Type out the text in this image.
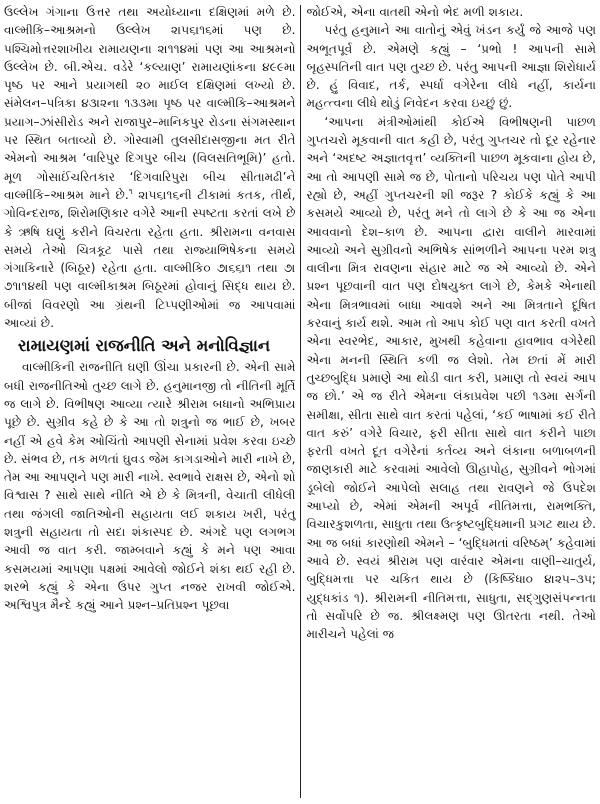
ઉલ્લેખ ગંગાના ઉત્તર તથા અયોધ્યાના દક્ષિણમાં મળે છે. વાલ્મીકિ–આશ્રમનો ઉલ્લેખ ૨।૫૬।૧૬માં પણ છે. પશ્ચિમોત્તરશાખીય રામાયણના ૨।૧૧૪માં પણ આ આશ્રમનો ઉલ્લેખ છે. બી.એચ. વડેરે ‘કલ્યાણ’ રામાયણાંકના ૪૯૯મા પૃષ્ઠ પર આને પ્રયાગથી ૨૦ માઈલ દક્ષિણમાં લખ્યો છે. સંમેલન–પત્રિકા ૪૩।૨ના ૧૩૩મા પૃષ્ઠ પર વાલ્મીકિ–આશ્રમને પ્રયાગ–ઝાંસીરોડ અને રાજાપુર–માનિકપુર રોડના સંગમસ્થાન પર સ્થિત બતાવ્યો છે. ગોસ્વામી તુલસીદાસજીના મત રીતે એમનો આશ્રમ ‘વારિપુર દિગપુર બીચ (વિલસતિભૂમિ)’ હતો. મૂળ ગોસાઈંચરિતકાર ‘દિગવારિપુરા બીચ સીતામઢી’ને વાલ્મીકિ–આશ્રમ માને છે.$^૧$ ૨।૫૬।૧૬ની ટીકામાં કતક, તીર્થ, ગોવિન્દરાજ, શિરોમણિકાર વગેરે આની સ્પષ્ટતા કરતાં લખે છે કે ઋષિ ઘણું કરીને વિચરતા રહેતા હતા. શ્રીરામના વનવાસ સમયે તેઓ ચિત્રકૂટ પાસે તથા રાજ્યાભિષેકના સમયે ગંગાકિનારે (બિઠૂર) રહેતા હતા. વાલ્મીકિ૦ ૭।૬૬।૧ તથા ૭।૭૧।૧૪થી પણ વાલ્મીકાશ્રમ બિઠૂરમાં હોવાનું સિદ્ધ થાય છે. બીજાં વિવરણો આ ગ્રંથની ટિપ્પણીઓમાં જ આપવામાં આવ્યાં છે.

રામાયણમાં રાજનીતિ અને મનોવિજ્ઞાન

વાલ્મીકિની રાજનીતિ ઘણી ઊંચા પ્રકારની છે. એની સામે બધી રાજનીતિઓ તુચ્છ લાગે છે. હનુમાનજી તો નીતિની મૂર્તિ જ લાગે છે. વિભીષણ આવ્યા ત્યારે શ્રીરામ બધાનો અભિપ્રાય પૂછે છે. સુગ્રીવ કહે છે કે આ તો શત્રુનો જ ભાઈ છે, ખબર નહીં એ હવે કેમ ઓચિંતો આપણી સેનામાં પ્રવેશ કરવા ઇચ્છે છે. સંભવ છે, તક મળતાં ઘુવડ જેમ કાગડાઓને મારી નાખે છે, તેમ આ આપણને પણ મારી નાખે. સ્વભાવે રાક્ષસ છે, એનો શો વિશ્વાસ ? સાથે સાથે નીતિ એ છે કે મિત્રની, વેચાતી લીધેલી તથા જંગલી જાતિઓની સહાયતા લઈ શકાય ખરી, પરંતુ શત્રુની સહાયતા તો સદા શંકાસ્પદ છે. અંગદે પણ લગભગ આવી જ વાત કરી. જામ્બવાને કહ્યું કે મને પણ આવા કસમયમાં આપણા પક્ષમાં આવેલો જોઈને શંકા થઈ રહી છે. શરભે કહ્યું કે એના ઉપર ગુપ્ત નજર રાખવી જોઈએ. અશ્વિપુત્ર મૈન્દે કહ્યું આને પ્રશ્ન–પ્રતિપ્રશ્ન પૂછવા

જોઈએ, એના વાતથી એનો ભેદ મળી શકાય.

પરંતુ હનુમાને આ વાતોનું એવું ખંડન કર્યું જે આજે પણ અભૂતપૂર્વ છે. એમણે કહ્યું – ‘પ્રભો ! આપની સામે બૃહસ્પતિની વાત પણ તુચ્છ છે. પરંતુ આપની આજ્ઞા શિરોધાર્ય છે. હું વિવાદ, તર્ક, સ્પર્ધા વગેરેના લીધે નહીં, કાર્યના મહત્ત્વના લીધે થોડું નિવેદન કરવા ઇચ્છું છું.

‘આપના મંત્રીઓમાંથી કોઈએ વિભીષણની પાછળ ગુપ્તચરો મૂકવાની વાત કહી છે, પરંતુ ગુપ્તચર તો દૂર રહેનાર અને ‘અદષ્ટ અજ્ઞાતવૃત્ત’ વ્યક્તિની પાછળ મૂકવાના હોય છે, આ તો આપણી સામે જ છે, પોતાનો પરિચય પણ પોતે આપી રહ્યો છે, અહીં ગુપ્તચરની શી જરૂર ? કોઈકે કહ્યું કે આ કસમયે આવ્યો છે, પરંતુ મને તો લાગે છે કે આ જ એના આવવાનો દેશ–કાળ છે. આપના દ્વારા વાલીને મારવામાં આવ્યો અને સુગ્રીવનો અભિષેક સાંભળીને આપના પરમ શત્રુ વાલીના મિત્ર રાવણના સંહાર માટે જ એ આવ્યો છે. એને પ્રશ્ન પૂછવાની વાત પણ દોષયુક્ત લાગે છે, કેમકે એનાથી એના મિત્રભાવમાં બાધા આવશે અને આ મિત્રતાને દૂષિત કરવાનું કાર્ય થશે. આમ તો આપ કોઈ પણ વાત કરતી વખતે એના સ્વરભેદ, આકાર, મુખથી કહેવાના હાવભાવ વગેરેથી એના મનની સ્થિતિ કળી જ લેશો. તેમ છતાં મેં મારી તુચ્છબુદ્ધિ પ્રમાણે આ થોડી વાત કરી, પ્રમાણ તો સ્વયં આપ જ છો.’ એ જ રીતે એમના લંકાપ્રવેશ પછી ૧૩મા સર્ગની સમીક્ષા, સીતા સાથે વાત કરતાં પહેલાં, ‘કઈ ભાષામાં કઈ રીતે વાત કરું’ વગેરે વિચાર, ફરી સીતા સાથે વાત કરીને પાછા ફરતી વખતે દૂત વગેરેનાં કર્તવ્ય અને લંકાના બળાબળની જાણકારી માટે કરવામાં આવેલો ઊહાપોહ, સુગ્રીવને ભોગમાં ડૂબેલો જોઈને આપેલો સલાહ તથા રાવણને જે ઉપદેશ આપ્યો છે, એમાં એમની અપૂર્વ નીતિમત્તા, રામભક્તિ, વિચારકુશળતા, સાધુતા તથા ઉત્કૃષ્ટબુદ્ધિમાની પ્રગટ થાય છે. આ જ બધાં કારણોથી એમને – ‘બુદ્ધિમતાં વરિષ્ઠમ્’ કહેવામાં આવે છે. સ્વયં શ્રીરામ પણ વારંવાર એમના વાણી–ચાતુર્ય, બુદ્ધિમત્તા પર ચકિત થાય છે (કિષ્કિંધા૦ ૪।૨૫–૩૫; યુદ્ધકાંડ ૧). શ્રીરામની નીતિમત્તા, સાધુતા, સદ્ગુણસંપન્નતા તો સર્વોપરિ છે જ. શ્રીલક્ષ્મણ પણ ઊતરતા નથી. તેઓ મારીચને પહેલાં જ
